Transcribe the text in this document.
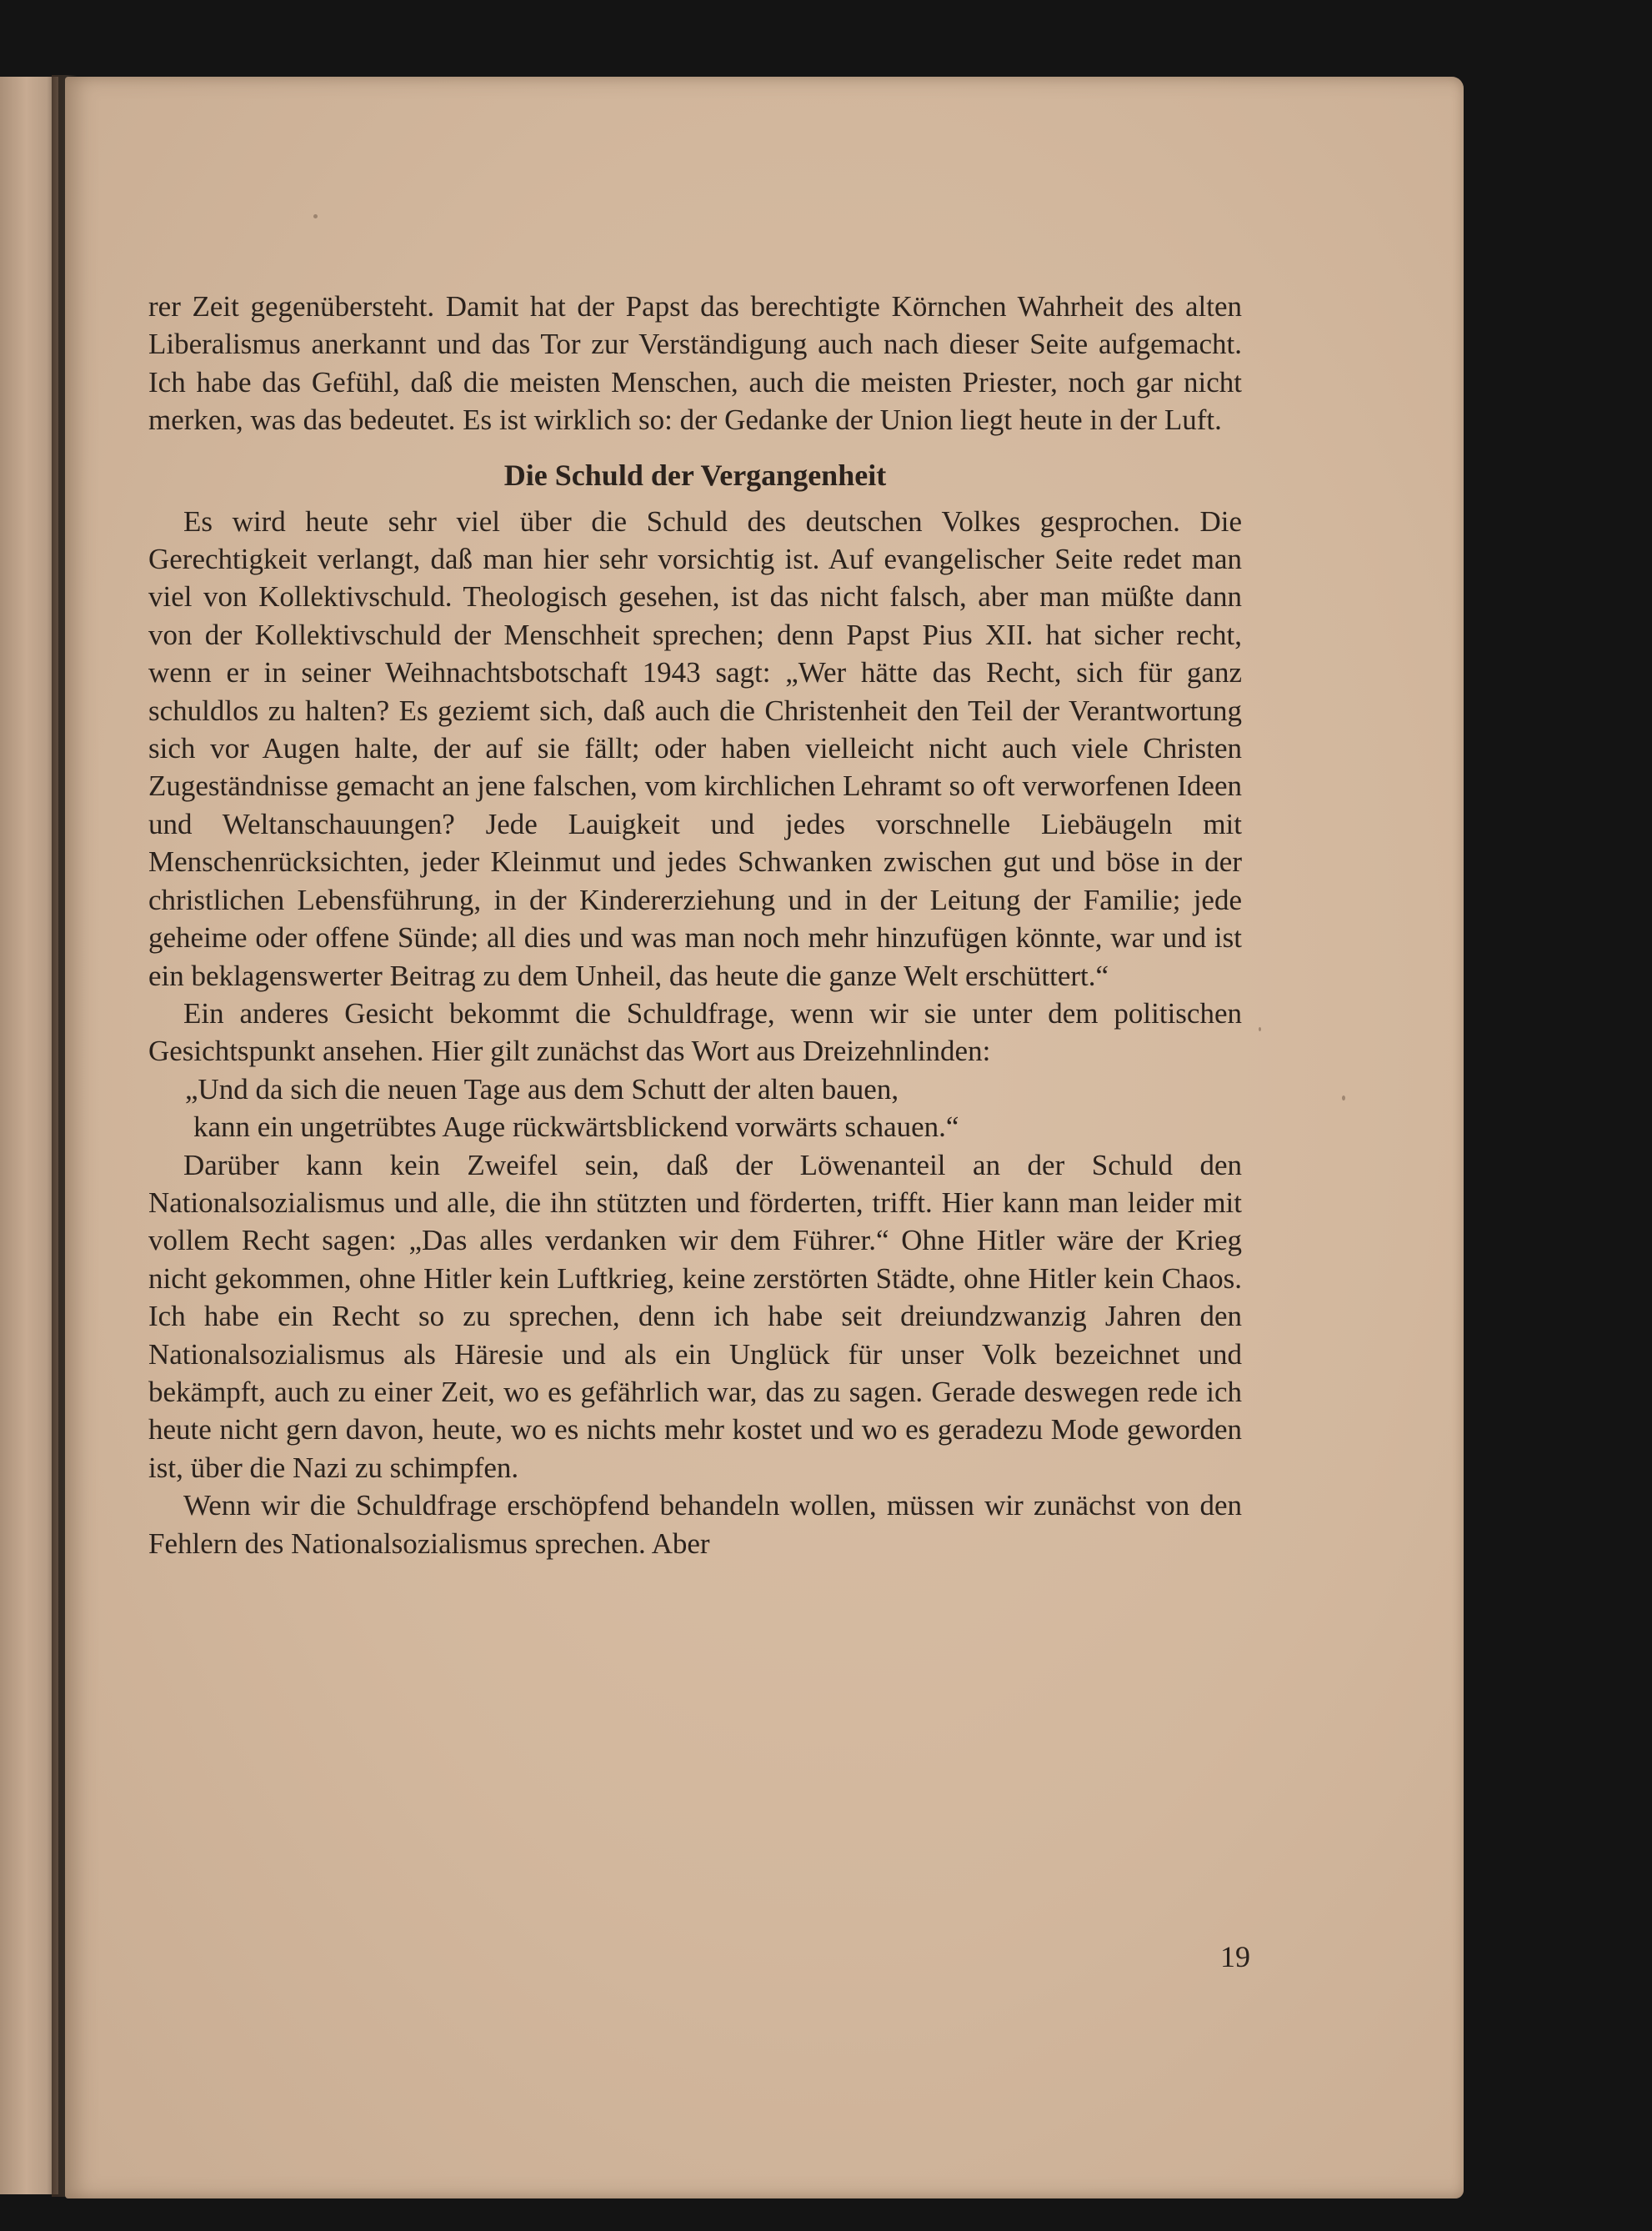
rer Zeit gegenübersteht. Damit hat der Papst das berechtigte Körnchen Wahrheit des alten Liberalismus anerkannt und das Tor zur Verständigung auch nach dieser Seite aufgemacht. Ich habe das Gefühl, daß die meisten Menschen, auch die meisten Priester, noch gar nicht merken, was das bedeutet. Es ist wirklich so: der Gedanke der Union liegt heute in der Luft.

Die Schuld der Vergangenheit

Es wird heute sehr viel über die Schuld des deutschen Volkes gesprochen. Die Gerechtigkeit verlangt, daß man hier sehr vorsichtig ist. Auf evangelischer Seite redet man viel von Kollektivschuld. Theologisch gesehen, ist das nicht falsch, aber man müßte dann von der Kollektivschuld der Menschheit sprechen; denn Papst Pius XII. hat sicher recht, wenn er in seiner Weihnachtsbotschaft 1943 sagt: „Wer hätte das Recht, sich für ganz schuldlos zu halten? Es geziemt sich, daß auch die Christenheit den Teil der Verantwortung sich vor Augen halte, der auf sie fällt; oder haben vielleicht nicht auch viele Christen Zugeständnisse gemacht an jene falschen, vom kirchlichen Lehramt so oft verworfenen Ideen und Weltanschauungen? Jede Lauigkeit und jedes vorschnelle Liebäugeln mit Menschenrücksichten, jeder Kleinmut und jedes Schwanken zwischen gut und böse in der christlichen Lebensführung, in der Kindererziehung und in der Leitung der Familie; jede geheime oder offene Sünde; all dies und was man noch mehr hinzufügen könnte, war und ist ein beklagenswerter Beitrag zu dem Unheil, das heute die ganze Welt erschüttert.“

Ein anderes Gesicht bekommt die Schuldfrage, wenn wir sie unter dem politischen Gesichtspunkt ansehen. Hier gilt zunächst das Wort aus Dreizehnlinden:

„Und da sich die neuen Tage aus dem Schutt der alten bauen,
kann ein ungetrübtes Auge rückwärtsblickend vorwärts schauen.“

Darüber kann kein Zweifel sein, daß der Löwenanteil an der Schuld den Nationalsozialismus und alle, die ihn stützten und förderten, trifft. Hier kann man leider mit vollem Recht sagen: „Das alles verdanken wir dem Führer.“ Ohne Hitler wäre der Krieg nicht gekommen, ohne Hitler kein Luftkrieg, keine zerstörten Städte, ohne Hitler kein Chaos. Ich habe ein Recht so zu sprechen, denn ich habe seit dreiundzwanzig Jahren den Nationalsozialismus als Häresie und als ein Unglück für unser Volk bezeichnet und bekämpft, auch zu einer Zeit, wo es gefährlich war, das zu sagen. Gerade deswegen rede ich heute nicht gern davon, heute, wo es nichts mehr kostet und wo es geradezu Mode geworden ist, über die Nazi zu schimpfen.

Wenn wir die Schuldfrage erschöpfend behandeln wollen, müssen wir zunächst von den Fehlern des Nationalsozialismus sprechen. Aber

19
